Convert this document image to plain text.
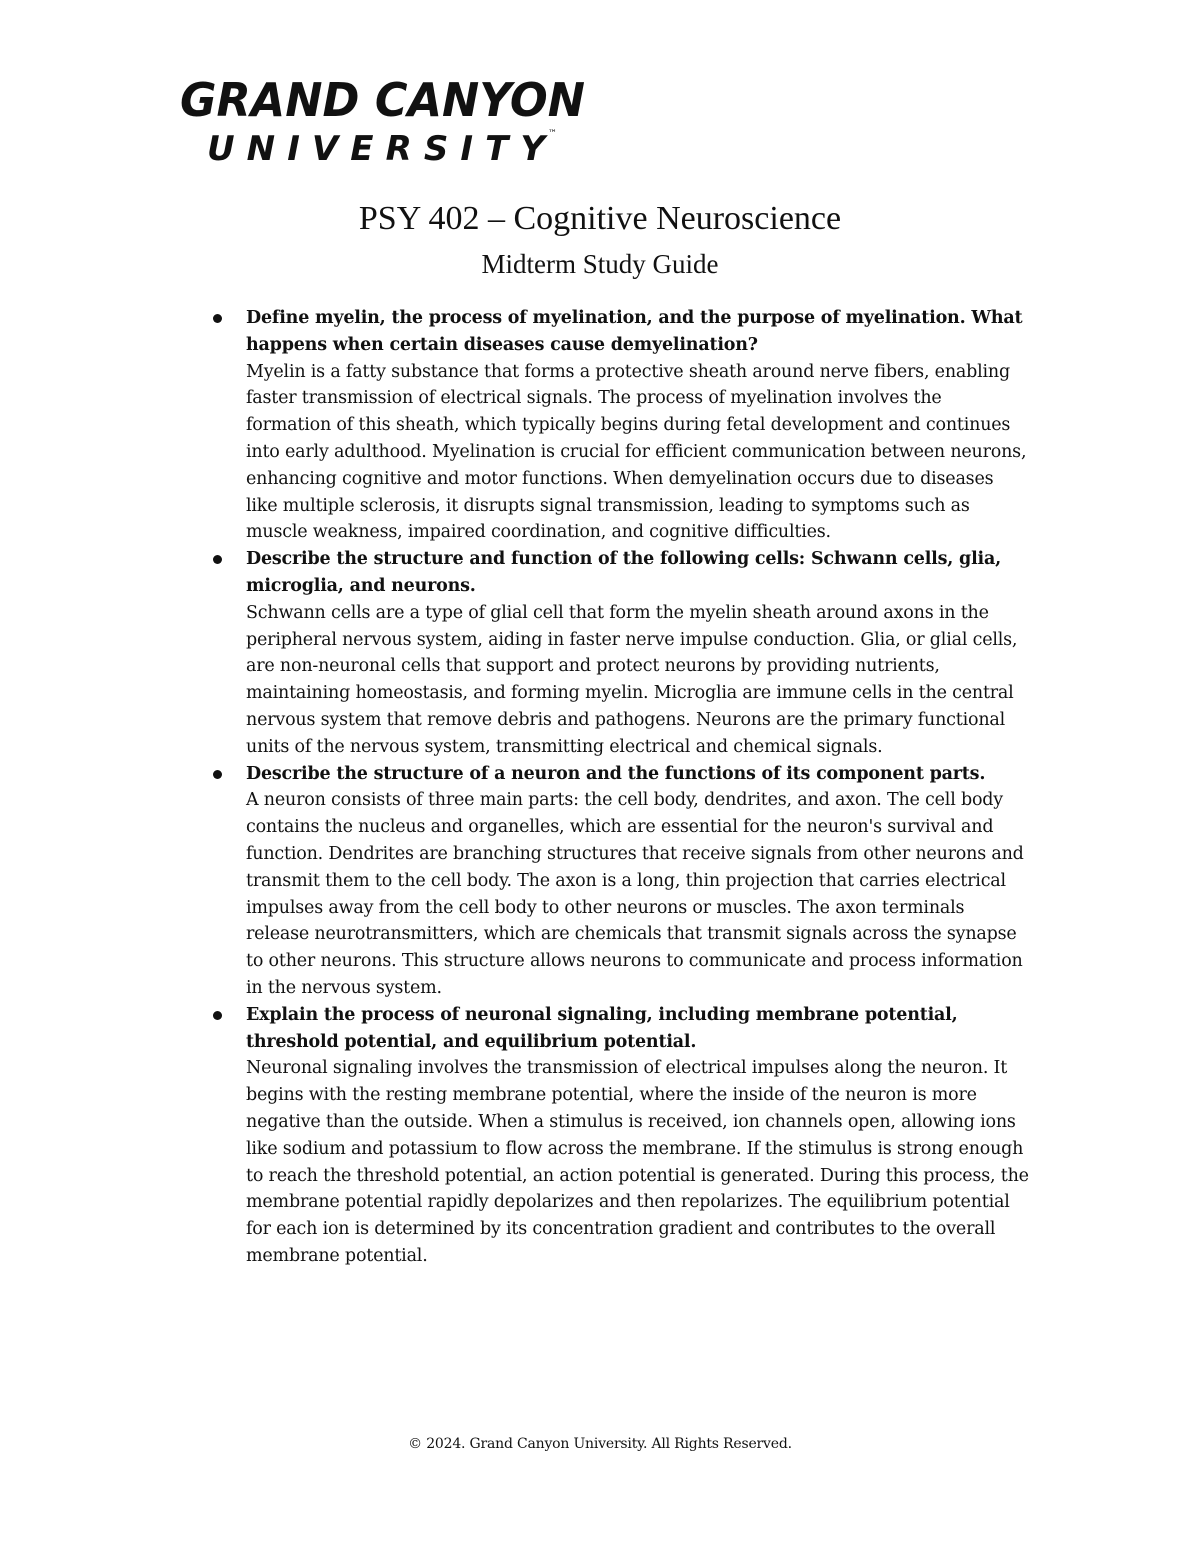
GRAND CANYON
UNIVERSITY ™
PSY 402 – Cognitive Neuroscience
Midterm Study Guide
Define myelin, the process of myelination, and the purpose of myelination. What happens when certain diseases cause demyelination?
Myelin is a fatty substance that forms a protective sheath around nerve fibers, enabling faster transmission of electrical signals. The process of myelination involves the formation of this sheath, which typically begins during fetal development and continues into early adulthood. Myelination is crucial for efficient communication between neurons, enhancing cognitive and motor functions. When demyelination occurs due to diseases like multiple sclerosis, it disrupts signal transmission, leading to symptoms such as muscle weakness, impaired coordination, and cognitive difficulties.
Describe the structure and function of the following cells: Schwann cells, glia, microglia, and neurons.
Schwann cells are a type of glial cell that form the myelin sheath around axons in the peripheral nervous system, aiding in faster nerve impulse conduction. Glia, or glial cells, are non-neuronal cells that support and protect neurons by providing nutrients, maintaining homeostasis, and forming myelin. Microglia are immune cells in the central nervous system that remove debris and pathogens. Neurons are the primary functional units of the nervous system, transmitting electrical and chemical signals.
Describe the structure of a neuron and the functions of its component parts.
A neuron consists of three main parts: the cell body, dendrites, and axon. The cell body contains the nucleus and organelles, which are essential for the neuron's survival and function. Dendrites are branching structures that receive signals from other neurons and transmit them to the cell body. The axon is a long, thin projection that carries electrical impulses away from the cell body to other neurons or muscles. The axon terminals release neurotransmitters, which are chemicals that transmit signals across the synapse to other neurons. This structure allows neurons to communicate and process information in the nervous system.
Explain the process of neuronal signaling, including membrane potential, threshold potential, and equilibrium potential.
Neuronal signaling involves the transmission of electrical impulses along the neuron. It begins with the resting membrane potential, where the inside of the neuron is more negative than the outside. When a stimulus is received, ion channels open, allowing ions like sodium and potassium to flow across the membrane. If the stimulus is strong enough to reach the threshold potential, an action potential is generated. During this process, the membrane potential rapidly depolarizes and then repolarizes. The equilibrium potential for each ion is determined by its concentration gradient and contributes to the overall membrane potential.
© 2024. Grand Canyon University. All Rights Reserved.
